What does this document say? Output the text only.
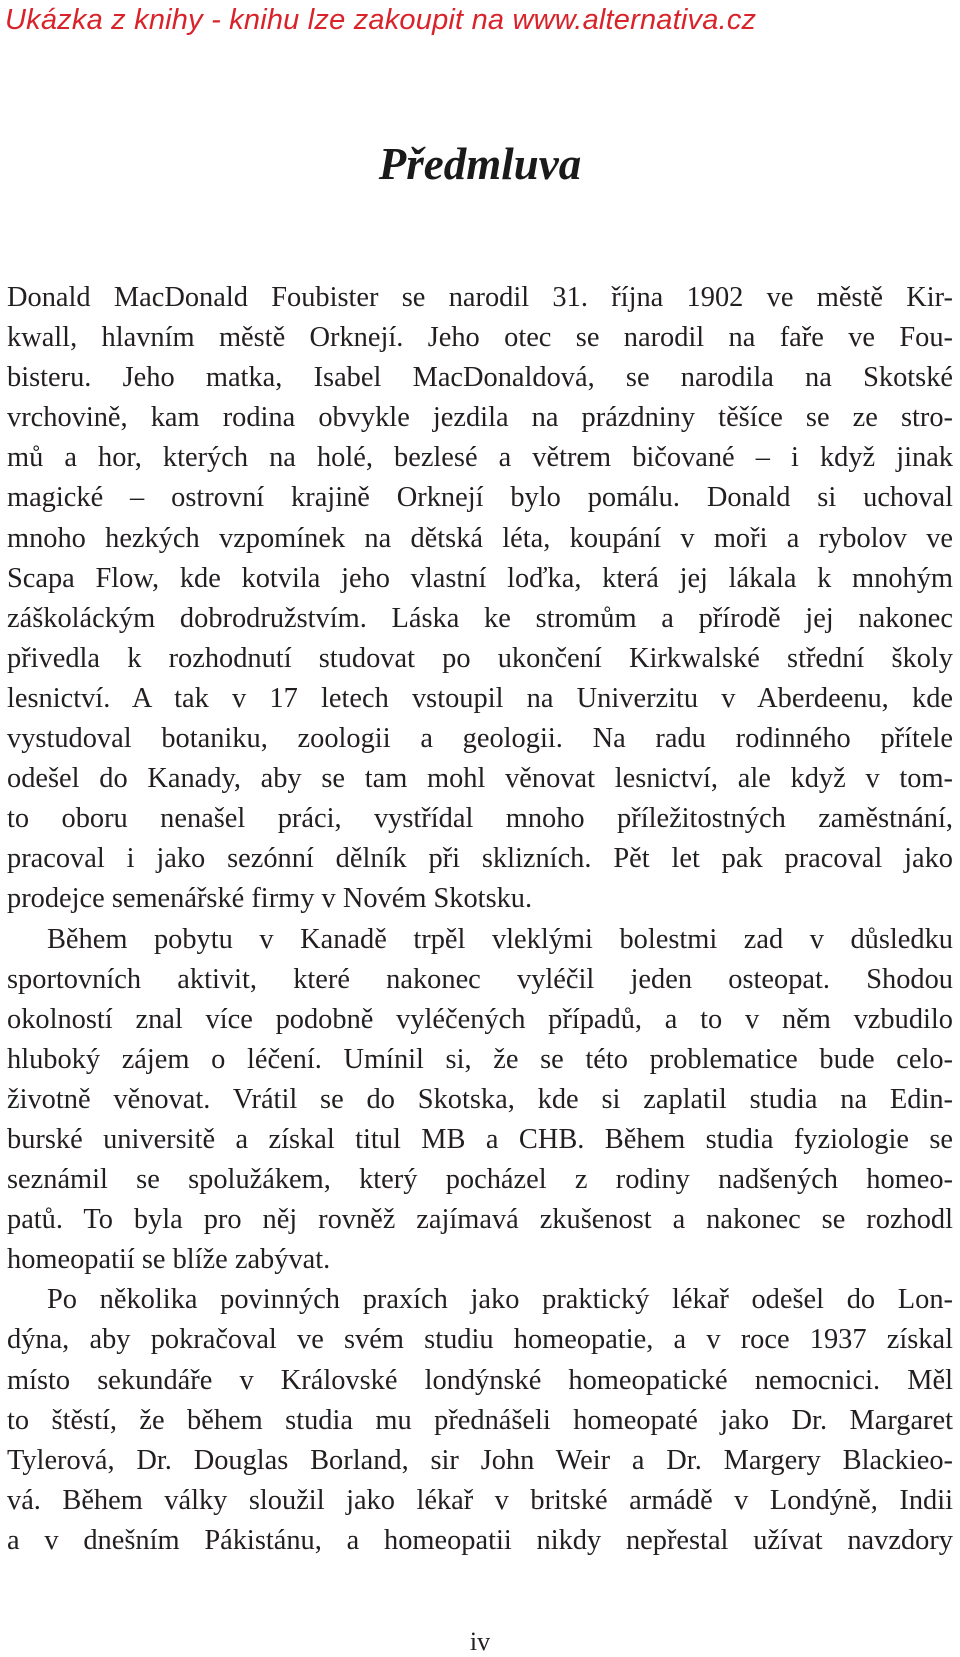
Ukázka z knihy - knihu lze zakoupit na www.alternativa.cz
Předmluva
Donald MacDonald Foubister se narodil 31. října 1902 ve městě Kir-
kwall, hlavním městě Orknejí. Jeho otec se narodil na faře ve Fou-
bisteru. Jeho matka, Isabel MacDonaldová, se narodila na Skotské
vrchovině, kam rodina obvykle jezdila na prázdniny těšíce se ze stro-
mů a hor, kterých na holé, bezlesé a větrem bičované – i když jinak
magické – ostrovní krajině Orknejí bylo pomálu. Donald si uchoval
mnoho hezkých vzpomínek na dětská léta, koupání v moři a rybolov ve
Scapa Flow, kde kotvila jeho vlastní loďka, která jej lákala k mnohým
záškoláckým dobrodružstvím. Láska ke stromům a přírodě jej nakonec
přivedla k rozhodnutí studovat po ukončení Kirkwalské střední školy
lesnictví. A tak v 17 letech vstoupil na Univerzitu v Aberdeenu, kde
vystudoval botaniku, zoologii a geologii. Na radu rodinného přítele
odešel do Kanady, aby se tam mohl věnovat lesnictví, ale když v tom-
to oboru nenašel práci, vystřídal mnoho příležitostných zaměstnání,
pracoval i jako sezónní dělník při sklizních. Pět let pak pracoval jako
prodejce semenářské firmy v Novém Skotsku.
Během pobytu v Kanadě trpěl vleklými bolestmi zad v důsledku
sportovních aktivit, které nakonec vyléčil jeden osteopat. Shodou
okolností znal více podobně vyléčených případů, a to v něm vzbudilo
hluboký zájem o léčení. Umínil si, že se této problematice bude celo-
životně věnovat. Vrátil se do Skotska, kde si zaplatil studia na Edin-
burské universitě a získal titul MB a CHB. Během studia fyziologie se
seznámil se spolužákem, který pocházel z rodiny nadšených homeo-
patů. To byla pro něj rovněž zajímavá zkušenost a nakonec se rozhodl
homeopatií se blíže zabývat.
Po několika povinných praxích jako praktický lékař odešel do Lon-
dýna, aby pokračoval ve svém studiu homeopatie, a v roce 1937 získal
místo sekundáře v Královské londýnské homeopatické nemocnici. Měl
to štěstí, že během studia mu přednášeli homeopaté jako Dr. Margaret
Tylerová, Dr. Douglas Borland, sir John Weir a Dr. Margery Blackieo-
vá. Během války sloužil jako lékař v britské armádě v Londýně, Indii
a v dnešním Pákistánu, a homeopatii nikdy nepřestal užívat navzdory
iv
